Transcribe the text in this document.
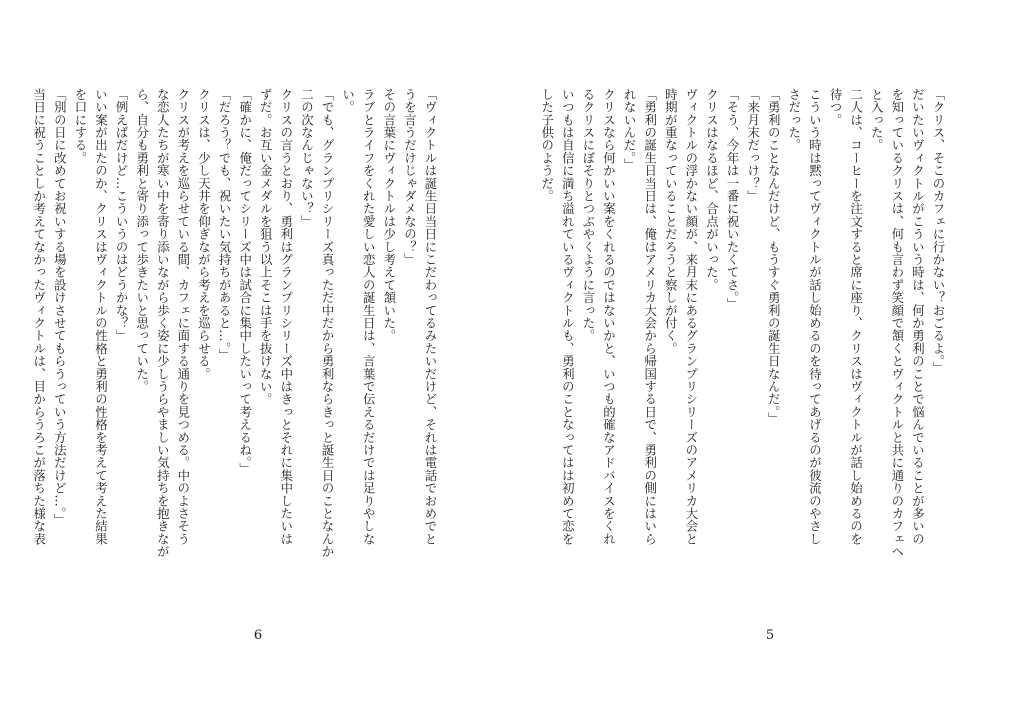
「ヴィクトルは誕生日当日にこだわってるみたいだけど、それは電話でおめでと
うを言うだけじゃダメなの？」
その言葉にヴィクトルは少し考えて頷いた。
ラブとライフをくれた愛しい恋人の誕生日は、言葉で伝えるだけでは足りやしな
い。
「でも、グランプリシリーズ真っただ中だから勇利ならきっと誕生日のことなんか
二の次なんじゃない？」
クリスの言うとおり、勇利はグランプリシリーズ中はきっとそれに集中したいは
ずだ。お互い金メダルを狙う以上そこは手を抜けない。
「確かに、俺だってシリーズ中は試合に集中したいって考えるね。」
「だろう？でも、祝いたい気持ちがあると…。」
クリスは、少し天井を仰ぎながら考えを巡らせる。
クリスが考えを巡らせている間、カフェに面する通りを見つめる。中のよさそう
な恋人たちが寒い中を寄り添いながら歩く姿に少しうらやましい気持ちを抱きなが
ら、自分も勇利と寄り添って歩きたいと思っていた。
「例えばだけど…こういうのはどうかな？」
いい案が出たのか、クリスはヴィクトルの性格と勇利の性格を考えて考えた結果
を口にする。
「別の日に改めてお祝いする場を設けさせてもらうっていう方法だけど…。」
当日に祝うことしか考えてなかったヴィクトルは、目からうろこが落ちた様な表
6
「クリス、そこのカフェに行かない？おごるよ。」
だいたいヴィクトルがこういう時は、何か勇利のことで悩んでいることが多いの
を知っているクリスは、何も言わず笑顔で頷くとヴィクトルと共に通りのカフェへ
と入った。
二人は、コーヒーを注文すると席に座り、クリスはヴィクトルが話し始めるのを
待つ。
こういう時は黙ってヴィクトルが話し始めるのを待ってあげるのが彼流のやさし
さだった。
「勇利のことなんだけど、もうすぐ勇利の誕生日なんだ。」
「来月末だっけ？」
「そう、今年は一番に祝いたくてさ。」
クリスはなるほど、合点がいった。
ヴィクトルの浮かない顔が、来月末にあるグランプリシリーズのアメリカ大会と
時期が重なっていることだろうと察しが付く。
「勇利の誕生日当日は、俺はアメリカ大会から帰国する日で、勇利の側にはいら
れないんだ。」
クリスなら何かいい案をくれるのではないかと、いつも的確なアドバイスをくれ
るクリスにぼそりとつぶやくように言った。
いつもは自信に満ち溢れているヴィクトルも、勇利のことなってはは初めて恋を
した子供のようだ。
5
